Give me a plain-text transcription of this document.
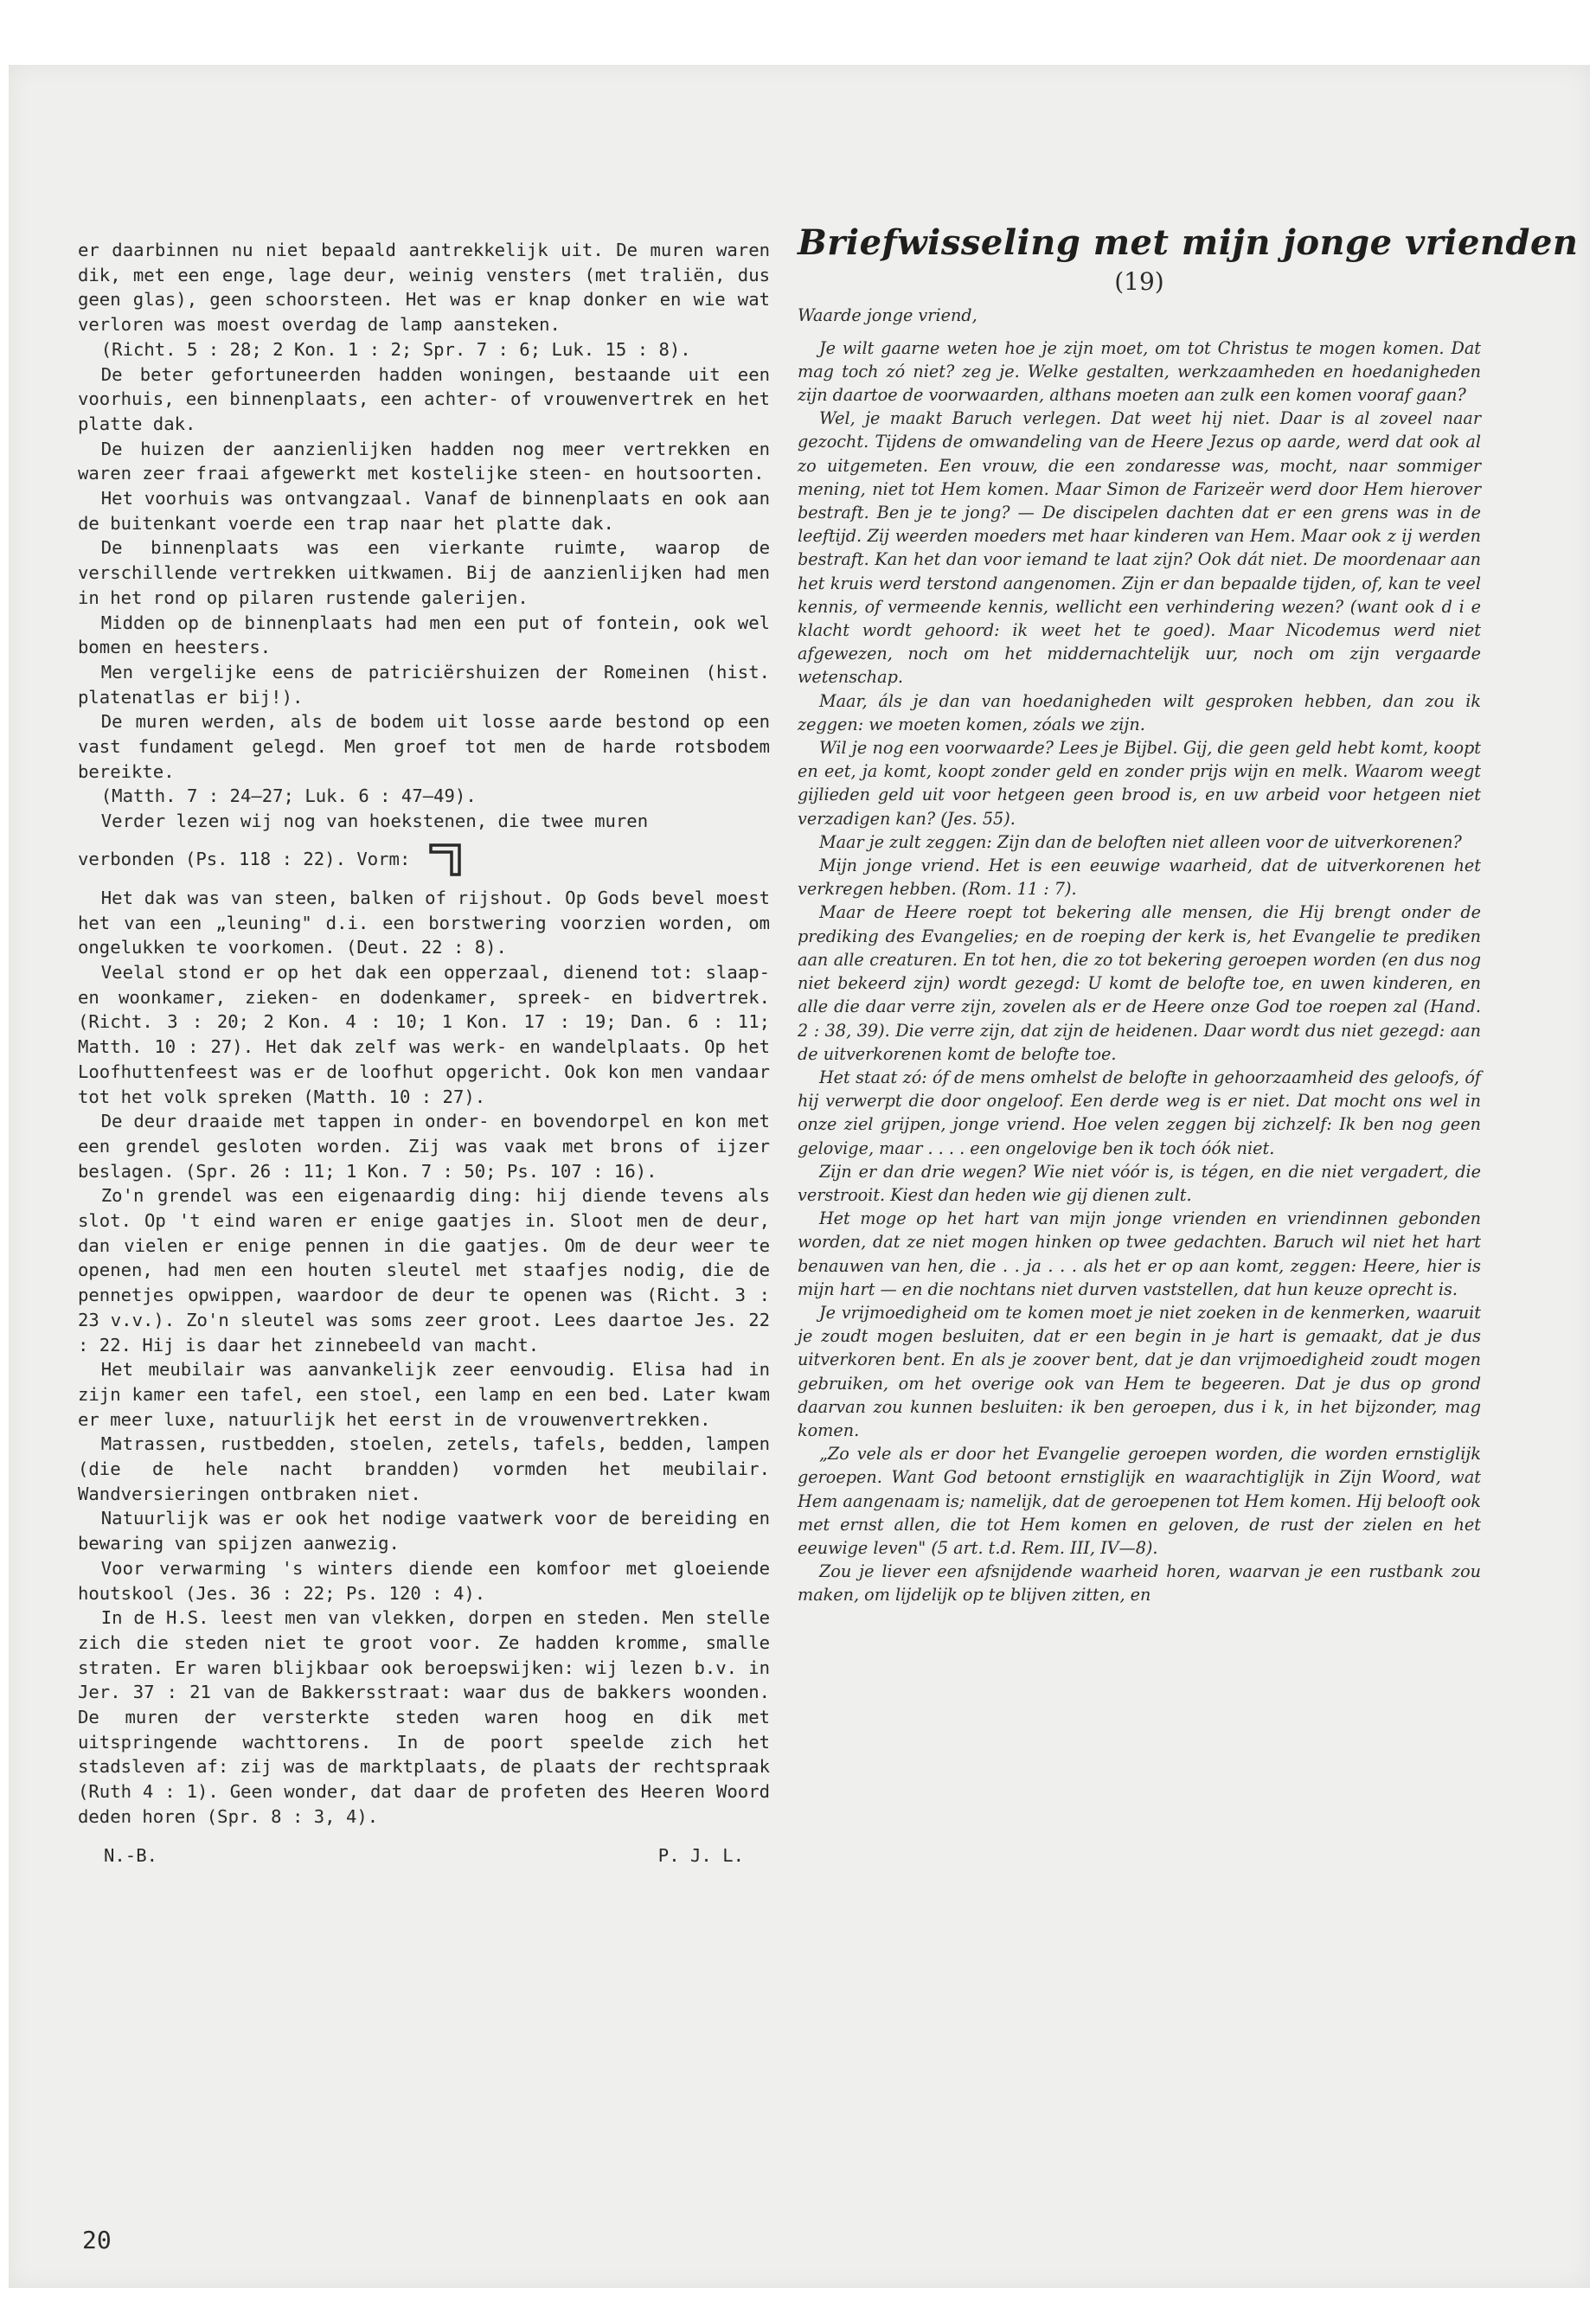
er daarbinnen nu niet bepaald aantrekkelijk uit. De muren waren dik, met een enge, lage deur, weinig vensters (met traliën, dus geen glas), geen schoorsteen. Het was er knap donker en wie wat verloren was moest overdag de lamp aansteken.

(Richt. 5 : 28; 2 Kon. 1 : 2; Spr. 7 : 6; Luk. 15 : 8).

De beter gefortuneerden hadden woningen, bestaande uit een voorhuis, een binnenplaats, een achter- of vrouwenvertrek en het platte dak.

De huizen der aanzienlijken hadden nog meer vertrekken en waren zeer fraai afgewerkt met kostelijke steen- en houtsoorten.

Het voorhuis was ontvangzaal. Vanaf de binnenplaats en ook aan de buitenkant voerde een trap naar het platte dak.

De binnenplaats was een vierkante ruimte, waarop de verschillende vertrekken uitkwamen. Bij de aanzienlijken had men in het rond op pilaren rustende galerijen.

Midden op de binnenplaats had men een put of fontein, ook wel bomen en heesters.

Men vergelijke eens de patriciërshuizen der Romeinen (hist. platenatlas er bij!).

De muren werden, als de bodem uit losse aarde bestond op een vast fundament gelegd. Men groef tot men de harde rotsbodem bereikte.

(Matth. 7 : 24—27; Luk. 6 : 47—49).

Verder lezen wij nog van hoekstenen, die twee muren

verbonden (Ps. 118 : 22). Vorm:

Het dak was van steen, balken of rijshout. Op Gods bevel moest het van een „leuning" d.i. een borstwering voorzien worden, om ongelukken te voorkomen. (Deut. 22 : 8).

Veelal stond er op het dak een opperzaal, dienend tot: slaap- en woonkamer, zieken- en dodenkamer, spreek- en bidvertrek. (Richt. 3 : 20; 2 Kon. 4 : 10; 1 Kon. 17 : 19; Dan. 6 : 11; Matth. 10 : 27). Het dak zelf was werk- en wandelplaats. Op het Loofhuttenfeest was er de loofhut opgericht. Ook kon men vandaar tot het volk spreken (Matth. 10 : 27).

De deur draaide met tappen in onder- en bovendorpel en kon met een grendel gesloten worden. Zij was vaak met brons of ijzer beslagen. (Spr. 26 : 11; 1 Kon. 7 : 50; Ps. 107 : 16).

Zo'n grendel was een eigenaardig ding: hij diende tevens als slot. Op 't eind waren er enige gaatjes in. Sloot men de deur, dan vielen er enige pennen in die gaatjes. Om de deur weer te openen, had men een houten sleutel met staafjes nodig, die de pennetjes opwippen, waardoor de deur te openen was (Richt. 3 : 23 v.v.). Zo'n sleutel was soms zeer groot. Lees daartoe Jes. 22 : 22. Hij is daar het zinnebeeld van macht.

Het meubilair was aanvankelijk zeer eenvoudig. Elisa had in zijn kamer een tafel, een stoel, een lamp en een bed. Later kwam er meer luxe, natuurlijk het eerst in de vrouwenvertrekken.

Matrassen, rustbedden, stoelen, zetels, tafels, bedden, lampen (die de hele nacht brandden) vormden het meubilair. Wandversieringen ontbraken niet.

Natuurlijk was er ook het nodige vaatwerk voor de bereiding en bewaring van spijzen aanwezig.

Voor verwarming 's winters diende een komfoor met gloeiende houtskool (Jes. 36 : 22; Ps. 120 : 4).

In de H.S. leest men van vlekken, dorpen en steden. Men stelle zich die steden niet te groot voor. Ze hadden kromme, smalle straten. Er waren blijkbaar ook beroepswijken: wij lezen b.v. in Jer. 37 : 21 van de Bakkersstraat: waar dus de bakkers woonden. De muren der versterkte steden waren hoog en dik met uitspringende wachttorens. In de poort speelde zich het stadsleven af: zij was de marktplaats, de plaats der rechtspraak (Ruth 4 : 1). Geen wonder, dat daar de profeten des Heeren Woord deden horen (Spr. 8 : 3, 4).

N.-B.	P. J. L.
Briefwisseling met mijn jonge vrienden
(19)

Waarde jonge vriend,

Je wilt gaarne weten hoe je zijn moet, om tot Christus te mogen komen. Dat mag toch zó niet? zeg je. Welke gestalten, werkzaamheden en hoedanigheden zijn daartoe de voorwaarden, althans moeten aan zulk een komen vooraf gaan?

Wel, je maakt Baruch verlegen. Dat weet hij niet. Daar is al zoveel naar gezocht. Tijdens de omwandeling van de Heere Jezus op aarde, werd dat ook al zo uitgemeten. Een vrouw, die een zondaresse was, mocht, naar sommiger mening, niet tot Hem komen. Maar Simon de Farizeër werd door Hem hierover bestraft. Ben je te jong? — De discipelen dachten dat er een grens was in de leeftijd. Zij weerden moeders met haar kinderen van Hem. Maar ook z ij werden bestraft. Kan het dan voor iemand te laat zijn? Ook dát niet. De moordenaar aan het kruis werd terstond aangenomen. Zijn er dan bepaalde tijden, of, kan te veel kennis, of vermeende kennis, wellicht een verhindering wezen? (want ook d i e klacht wordt gehoord: ik weet het te goed). Maar Nicodemus werd niet afgewezen, noch om het middernachtelijk uur, noch om zijn vergaarde wetenschap.

Maar, áls je dan van hoedanigheden wilt gesproken hebben, dan zou ik zeggen: we moeten komen, zóals we zijn.

Wil je nog een voorwaarde? Lees je Bijbel. Gij, die geen geld hebt komt, koopt en eet, ja komt, koopt zonder geld en zonder prijs wijn en melk. Waarom weegt gijlieden geld uit voor hetgeen geen brood is, en uw arbeid voor hetgeen niet verzadigen kan? (Jes. 55).

Maar je zult zeggen: Zijn dan de beloften niet alleen voor de uitverkorenen?

Mijn jonge vriend. Het is een eeuwige waarheid, dat de uitverkorenen het verkregen hebben. (Rom. 11 : 7).

Maar de Heere roept tot bekering alle mensen, die Hij brengt onder de prediking des Evangelies; en de roeping der kerk is, het Evangelie te prediken aan alle creaturen. En tot hen, die zo tot bekering geroepen worden (en dus nog niet bekeerd zijn) wordt gezegd: U komt de belofte toe, en uwen kinderen, en alle die daar verre zijn, zovelen als er de Heere onze God toe roepen zal (Hand. 2 : 38, 39). Die verre zijn, dat zijn de heidenen. Daar wordt dus niet gezegd: aan de uitverkorenen komt de belofte toe.

Het staat zó: óf de mens omhelst de belofte in gehoorzaamheid des geloofs, óf hij verwerpt die door ongeloof. Een derde weg is er niet. Dat mocht ons wel in onze ziel grijpen, jonge vriend. Hoe velen zeggen bij zichzelf: Ik ben nog geen gelovige, maar . . . . een ongelovige ben ik toch óók niet.

Zijn er dan drie wegen? Wie niet vóór is, is tégen, en die niet vergadert, die verstrooit. Kiest dan heden wie gij dienen zult.

Het moge op het hart van mijn jonge vrienden en vriendinnen gebonden worden, dat ze niet mogen hinken op twee gedachten. Baruch wil niet het hart benauwen van hen, die . . ja . . . als het er op aan komt, zeggen: Heere, hier is mijn hart — en die nochtans niet durven vaststellen, dat hun keuze oprecht is.

Je vrijmoedigheid om te komen moet je niet zoeken in de kenmerken, waaruit je zoudt mogen besluiten, dat er een begin in je hart is gemaakt, dat je dus uitverkoren bent. En als je zoover bent, dat je dan vrijmoedigheid zoudt mogen gebruiken, om het overige ook van Hem te begeeren. Dat je dus op grond daarvan zou kunnen besluiten: ik ben geroepen, dus i k, in het bijzonder, mag komen.

„Zo vele als er door het Evangelie geroepen worden, die worden ernstiglijk geroepen. Want God betoont ernstiglijk en waarachtiglijk in Zijn Woord, wat Hem aangenaam is; namelijk, dat de geroepenen tot Hem komen. Hij belooft ook met ernst allen, die tot Hem komen en geloven, de rust der zielen en het eeuwige leven" (5 art. t.d. Rem. III, IV—8).

Zou je liever een afsnijdende waarheid horen, waarvan je een rustbank zou maken, om lijdelijk op te blijven zitten, en

20
